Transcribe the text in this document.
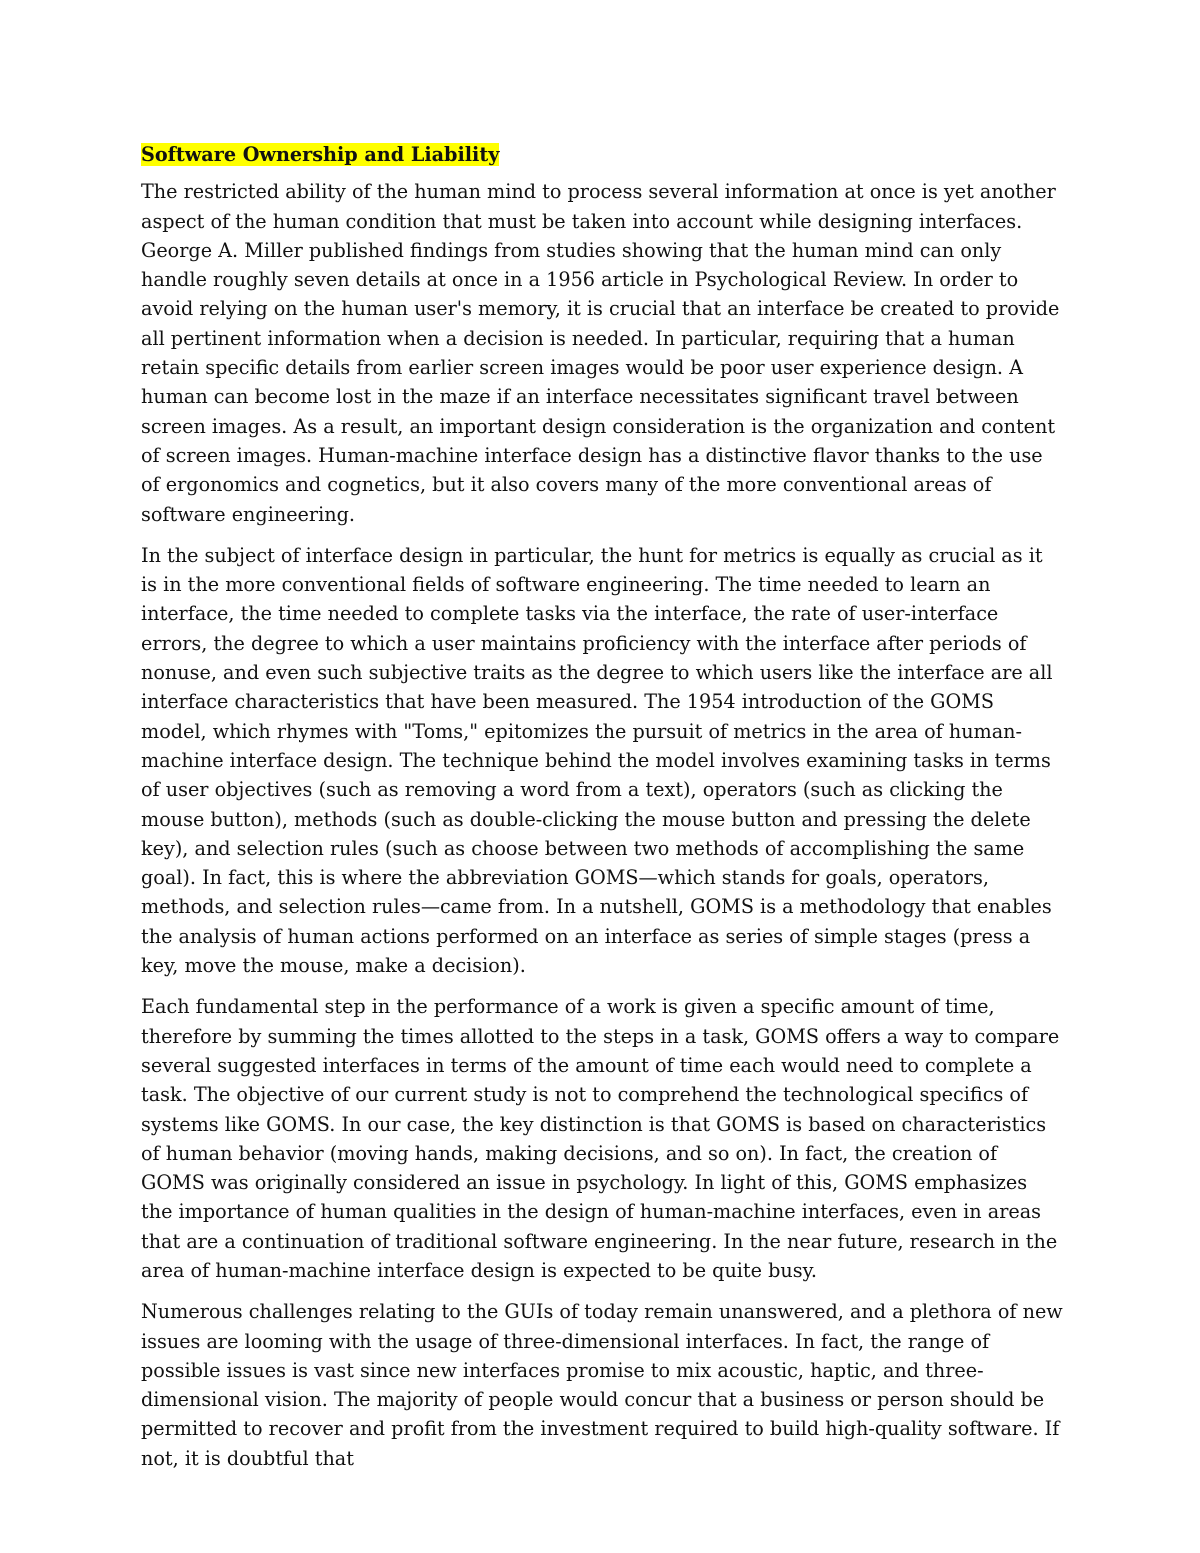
Software Ownership and Liability

The restricted ability of the human mind to process several information at once is yet another aspect of the human condition that must be taken into account while designing interfaces. George A. Miller published findings from studies showing that the human mind can only handle roughly seven details at once in a 1956 article in Psychological Review. In order to avoid relying on the human user's memory, it is crucial that an interface be created to provide all pertinent information when a decision is needed. In particular, requiring that a human retain specific details from earlier screen images would be poor user experience design. A human can become lost in the maze if an interface necessitates significant travel between screen images. As a result, an important design consideration is the organization and content of screen images. Human-machine interface design has a distinctive flavor thanks to the use of ergonomics and cognetics, but it also covers many of the more conventional areas of software engineering.

In the subject of interface design in particular, the hunt for metrics is equally as crucial as it is in the more conventional fields of software engineering. The time needed to learn an interface, the time needed to complete tasks via the interface, the rate of user-interface errors, the degree to which a user maintains proficiency with the interface after periods of nonuse, and even such subjective traits as the degree to which users like the interface are all interface characteristics that have been measured. The 1954 introduction of the GOMS model, which rhymes with "Toms," epitomizes the pursuit of metrics in the area of human-machine interface design. The technique behind the model involves examining tasks in terms of user objectives (such as removing a word from a text), operators (such as clicking the mouse button), methods (such as double-clicking the mouse button and pressing the delete key), and selection rules (such as choose between two methods of accomplishing the same goal). In fact, this is where the abbreviation GOMS—which stands for goals, operators, methods, and selection rules—came from. In a nutshell, GOMS is a methodology that enables the analysis of human actions performed on an interface as series of simple stages (press a key, move the mouse, make a decision).

Each fundamental step in the performance of a work is given a specific amount of time, therefore by summing the times allotted to the steps in a task, GOMS offers a way to compare several suggested interfaces in terms of the amount of time each would need to complete a task. The objective of our current study is not to comprehend the technological specifics of systems like GOMS. In our case, the key distinction is that GOMS is based on characteristics of human behavior (moving hands, making decisions, and so on). In fact, the creation of GOMS was originally considered an issue in psychology. In light of this, GOMS emphasizes the importance of human qualities in the design of human-machine interfaces, even in areas that are a continuation of traditional software engineering. In the near future, research in the area of human-machine interface design is expected to be quite busy.

Numerous challenges relating to the GUIs of today remain unanswered, and a plethora of new issues are looming with the usage of three-dimensional interfaces. In fact, the range of possible issues is vast since new interfaces promise to mix acoustic, haptic, and three-dimensional vision. The majority of people would concur that a business or person should be permitted to recover and profit from the investment required to build high-quality software. If not, it is doubtful that
